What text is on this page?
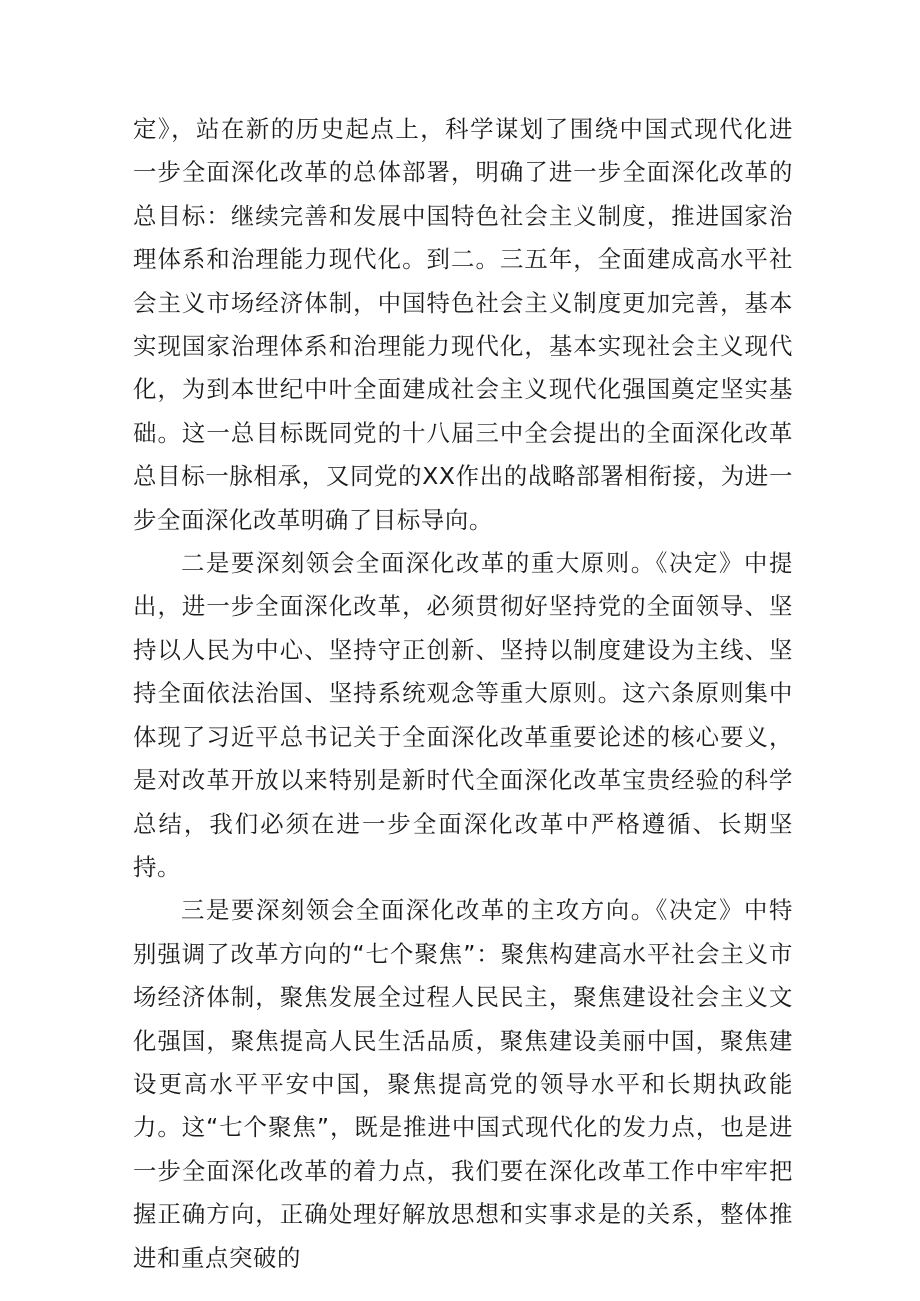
定》，站在新的历史起点上，科学谋划了围绕中国式现代化进一步全面深化改革的总体部署，明确了进一步全面深化改革的总目标：继续完善和发展中国特色社会主义制度，推进国家治理体系和治理能力现代化。到二。三五年，全面建成高水平社会主义市场经济体制，中国特色社会主义制度更加完善，基本实现国家治理体系和治理能力现代化，基本实现社会主义现代化，为到本世纪中叶全面建成社会主义现代化强国奠定坚实基础。这一总目标既同党的十八届三中全会提出的全面深化改革总目标一脉相承，又同党的XX作出的战略部署相衔接，为进一步全面深化改革明确了目标导向。

二是要深刻领会全面深化改革的重大原则。《决定》中提出，进一步全面深化改革，必须贯彻好坚持党的全面领导、坚持以人民为中心、坚持守正创新、坚持以制度建设为主线、坚持全面依法治国、坚持系统观念等重大原则。这六条原则集中体现了习近平总书记关于全面深化改革重要论述的核心要义，是对改革开放以来特别是新时代全面深化改革宝贵经验的科学总结，我们必须在进一步全面深化改革中严格遵循、长期坚持。

三是要深刻领会全面深化改革的主攻方向。《决定》中特别强调了改革方向的“七个聚焦”：聚焦构建高水平社会主义市场经济体制，聚焦发展全过程人民民主，聚焦建设社会主义文化强国，聚焦提高人民生活品质，聚焦建设美丽中国，聚焦建设更高水平平安中国，聚焦提高党的领导水平和长期执政能力。这“七个聚焦”，既是推进中国式现代化的发力点，也是进一步全面深化改革的着力点，我们要在深化改革工作中牢牢把握正确方向，正确处理好解放思想和实事求是的关系，整体推进和重点突破的
